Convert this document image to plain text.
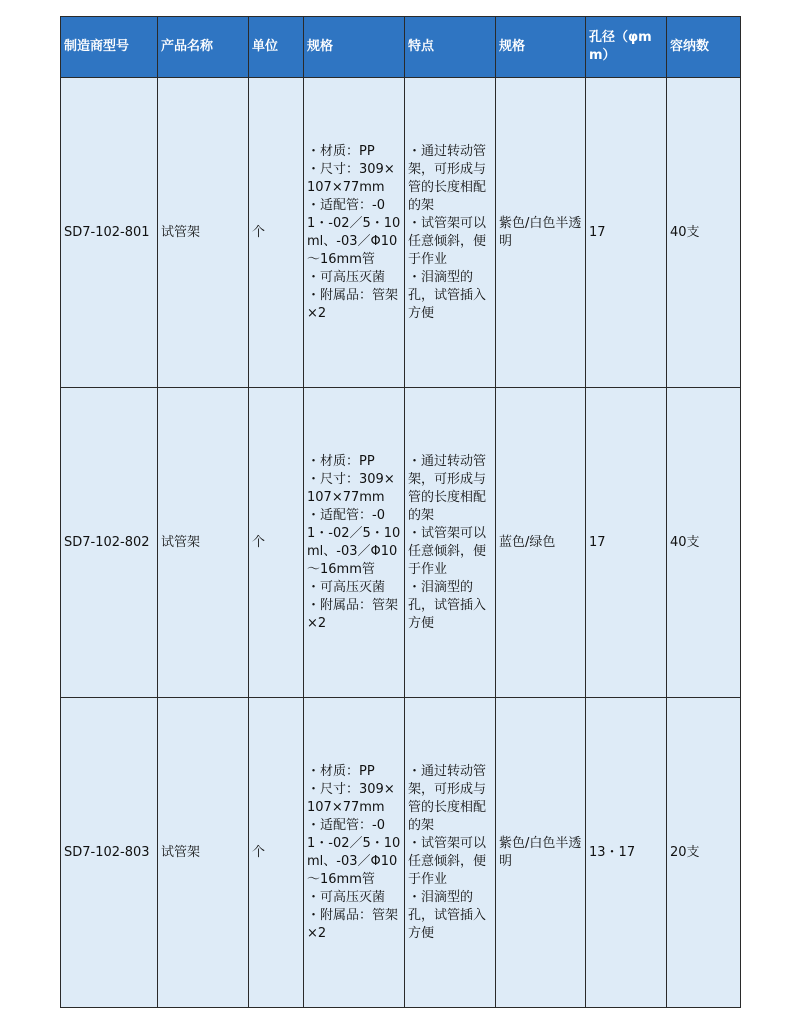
制造商型号	产品名称	单位	规格	特点	规格	孔径（φmm）	容纳数

SD7-102-801	试管架	个	・材质：PP
・尺寸：309×107×77mm
・适配管：-01・-02／5・10ml、-03／Φ10～16mm管
・可高压灭菌
・附属品：管架×2	・通过转动管架，可形成与管的长度相配的架
・试管架可以任意倾斜，便于作业
・泪滴型的孔，试管插入方便	紫色/白色半透明	17	40支

SD7-102-802	试管架	个	・材质：PP
・尺寸：309×107×77mm
・适配管：-01・-02／5・10ml、-03／Φ10～16mm管
・可高压灭菌
・附属品：管架×2	・通过转动管架，可形成与管的长度相配的架
・试管架可以任意倾斜，便于作业
・泪滴型的孔，试管插入方便	蓝色/绿色	17	40支

SD7-102-803	试管架	个	・材质：PP
・尺寸：309×107×77mm
・适配管：-01・-02／5・10ml、-03／Φ10～16mm管
・可高压灭菌
・附属品：管架×2	・通过转动管架，可形成与管的长度相配的架
・试管架可以任意倾斜，便于作业
・泪滴型的孔，试管插入方便	紫色/白色半透明	13・17	20支
